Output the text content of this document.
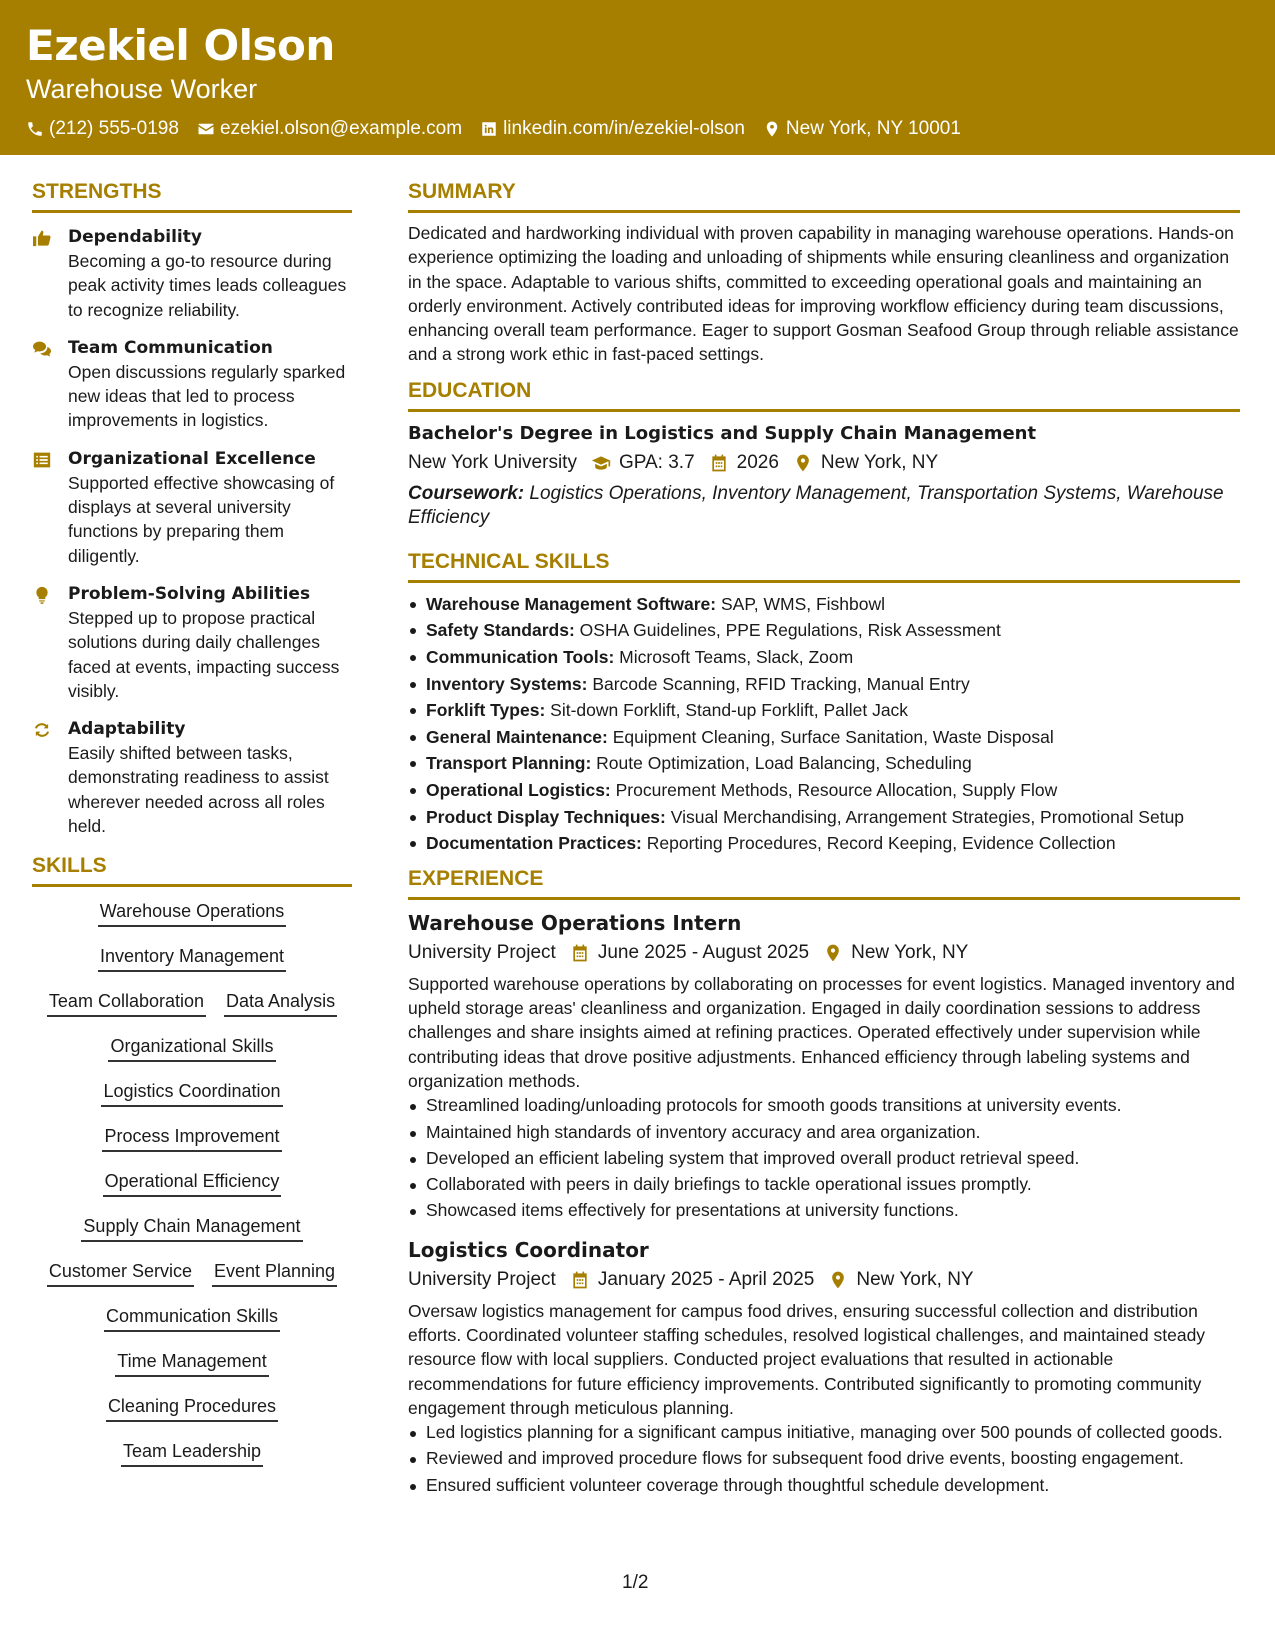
Ezekiel Olson
Warehouse Worker
(212) 555-0198 ezekiel.olson@example.com linkedin.com/in/ezekiel-olson New York, NY 10001
STRENGTHS
Dependability
Becoming a go-to resource during peak activity times leads colleagues to recognize reliability.
Team Communication
Open discussions regularly sparked new ideas that led to process improvements in logistics.
Organizational Excellence
Supported effective showcasing of displays at several university functions by preparing them diligently.
Problem-Solving Abilities
Stepped up to propose practical solutions during daily challenges faced at events, impacting success visibly.
Adaptability
Easily shifted between tasks, demonstrating readiness to assist wherever needed across all roles held.
SKILLS
Warehouse Operations
Inventory Management
Team Collaboration Data Analysis
Organizational Skills
Logistics Coordination
Process Improvement
Operational Efficiency
Supply Chain Management
Customer Service Event Planning
Communication Skills
Time Management
Cleaning Procedures
Team Leadership
SUMMARY
Dedicated and hardworking individual with proven capability in managing warehouse operations. Hands-on experience optimizing the loading and unloading of shipments while ensuring cleanliness and organization in the space. Adaptable to various shifts, committed to exceeding operational goals and maintaining an orderly environment. Actively contributed ideas for improving workflow efficiency during team discussions, enhancing overall team performance. Eager to support Gosman Seafood Group through reliable assistance and a strong work ethic in fast-paced settings.
EDUCATION
Bachelor's Degree in Logistics and Supply Chain Management
New York University GPA: 3.7 2026 New York, NY
Coursework: Logistics Operations, Inventory Management, Transportation Systems, Warehouse Efficiency
TECHNICAL SKILLS
Warehouse Management Software: SAP, WMS, Fishbowl
Safety Standards: OSHA Guidelines, PPE Regulations, Risk Assessment
Communication Tools: Microsoft Teams, Slack, Zoom
Inventory Systems: Barcode Scanning, RFID Tracking, Manual Entry
Forklift Types: Sit-down Forklift, Stand-up Forklift, Pallet Jack
General Maintenance: Equipment Cleaning, Surface Sanitation, Waste Disposal
Transport Planning: Route Optimization, Load Balancing, Scheduling
Operational Logistics: Procurement Methods, Resource Allocation, Supply Flow
Product Display Techniques: Visual Merchandising, Arrangement Strategies, Promotional Setup
Documentation Practices: Reporting Procedures, Record Keeping, Evidence Collection
EXPERIENCE
Warehouse Operations Intern
University Project June 2025 - August 2025 New York, NY
Supported warehouse operations by collaborating on processes for event logistics. Managed inventory and upheld storage areas' cleanliness and organization. Engaged in daily coordination sessions to address challenges and share insights aimed at refining practices. Operated effectively under supervision while contributing ideas that drove positive adjustments. Enhanced efficiency through labeling systems and organization methods.
Streamlined loading/unloading protocols for smooth goods transitions at university events.
Maintained high standards of inventory accuracy and area organization.
Developed an efficient labeling system that improved overall product retrieval speed.
Collaborated with peers in daily briefings to tackle operational issues promptly.
Showcased items effectively for presentations at university functions.
Logistics Coordinator
University Project January 2025 - April 2025 New York, NY
Oversaw logistics management for campus food drives, ensuring successful collection and distribution efforts. Coordinated volunteer staffing schedules, resolved logistical challenges, and maintained steady resource flow with local suppliers. Conducted project evaluations that resulted in actionable recommendations for future efficiency improvements. Contributed significantly to promoting community engagement through meticulous planning.
Led logistics planning for a significant campus initiative, managing over 500 pounds of collected goods.
Reviewed and improved procedure flows for subsequent food drive events, boosting engagement.
Ensured sufficient volunteer coverage through thoughtful schedule development.
1/2
